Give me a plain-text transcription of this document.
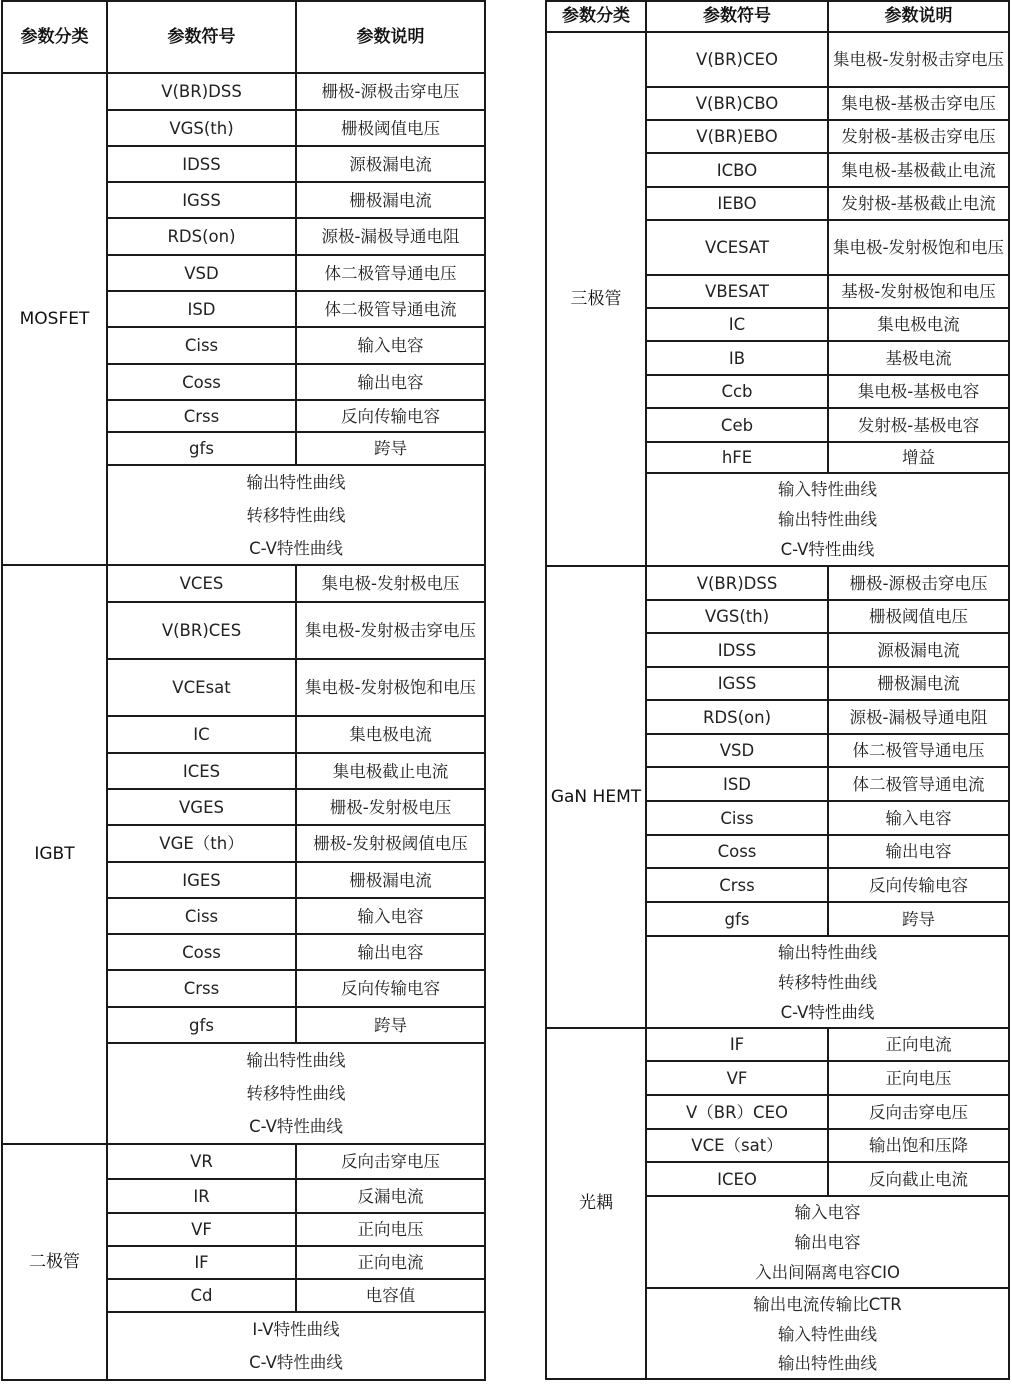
参数分类	参数符号	参数说明
MOSFET	V(BR)DSS	栅极-源极击穿电压
	VGS(th)	栅极阈值电压
	IDSS	源极漏电流
	IGSS	栅极漏电流
	RDS(on)	源极-漏极导通电阻
	VSD	体二极管导通电压
	ISD	体二极管导通电流
	Ciss	输入电容
	Coss	输出电容
	Crss	反向传输电容
	gfs	跨导

输出特性曲线
转移特性曲线
C-V特性曲线	

IGBT	VCES	集电极-发射极电压
	V(BR)CES	集电极-发射极击穿电压
	VCEsat	集电极-发射极饱和电压
	IC	集电极电流
	ICES	集电极截止电流
	VGES	栅极-发射极电压
	VGE（th）	栅极-发射极阈值电压
	IGES	栅极漏电流
	Ciss	输入电容
	Coss	输出电容
	Crss	反向传输电容
	gfs	跨导

输出特性曲线
转移特性曲线
C-V特性曲线	

二极管	VR	反向击穿电压
	IR	反漏电流
	VF	正向电压
	IF	正向电流
	Cd	电容值

I-V特性曲线
C-V特性曲线	
参数分类	参数符号	参数说明
三极管	V(BR)CEO	集电极-发射极击穿电压
	V(BR)CBO	集电极-基极击穿电压
	V(BR)EBO	发射极-基极击穿电压
	ICBO	集电极-基极截止电流
	IEBO	发射极-基极截止电流
	VCESAT	集电极-发射极饱和电压
	VBESAT	基极-发射极饱和电压
	IC	集电极电流
	IB	基极电流
	Ccb	集电极-基极电容
	Ceb	发射极-基极电容
	hFE	增益

输入特性曲线
输出特性曲线
C-V特性曲线	

GaN HEMT	V(BR)DSS	栅极-源极击穿电压
	VGS(th)	栅极阈值电压
	IDSS	源极漏电流
	IGSS	栅极漏电流
	RDS(on)	源极-漏极导通电阻
	VSD	体二极管导通电压
	ISD	体二极管导通电流
	Ciss	输入电容
	Coss	输出电容
	Crss	反向传输电容
	gfs	跨导

输出特性曲线
转移特性曲线
C-V特性曲线	

光耦	IF	正向电流
	VF	正向电压
	V（BR）CEO	反向击穿电压
	VCE（sat）	输出饱和压降
	ICEO	反向截止电流

输入电容
输出电容
入出间隔离电容CIO	

输出电流传输比CTR
输入特性曲线
输出特性曲线	
